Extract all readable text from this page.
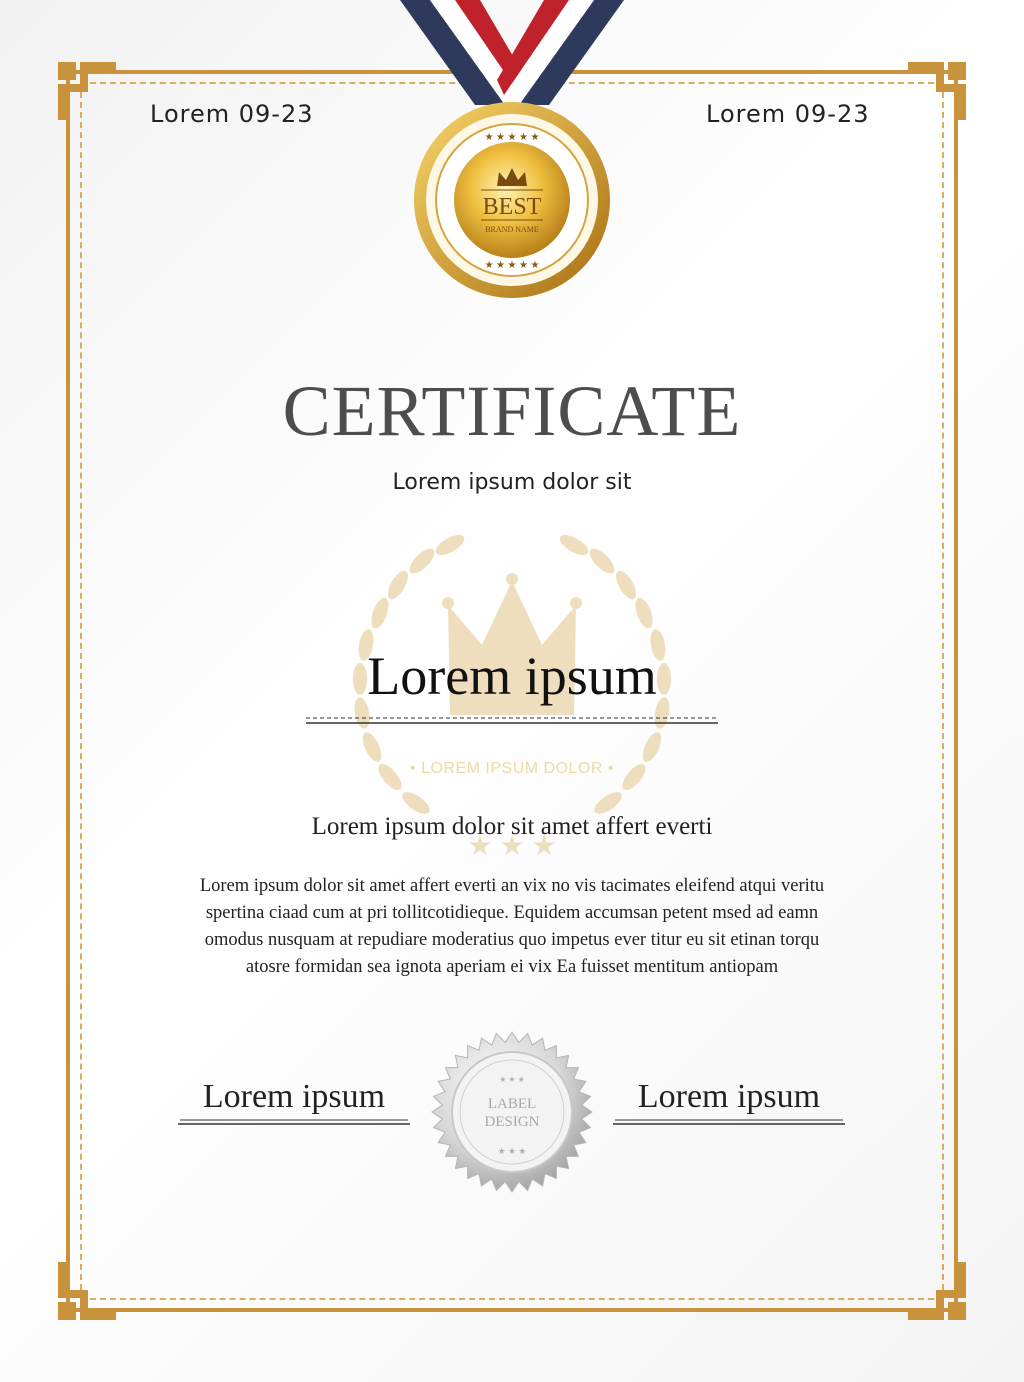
Lorem 09-23	Lorem 09-23
BEST
BRAND NAME
★ ★ ★ ★ ★
★ ★ ★ ★ ★
CERTIFICATE
Lorem ipsum dolor sit
★ ★ ★
• LOREM IPSUM DOLOR •
Lorem ipsum
Lorem ipsum dolor sit amet affert everti
Lorem ipsum dolor sit amet affert everti an vix no vis tacimates eleifend atqui veritu
spertina ciaad cum at pri tollitcotidieque. Equidem accumsan petent msed ad eamn
omodus nusquam at repudiare moderatius quo impetus ever titur eu sit etinan torqu
atosre formidan sea ignota aperiam ei vix Ea fuisset mentitum antiopam
Lorem ipsum	Lorem ipsum
LABEL
DESIGN
★ ★ ★
★ ★ ★
